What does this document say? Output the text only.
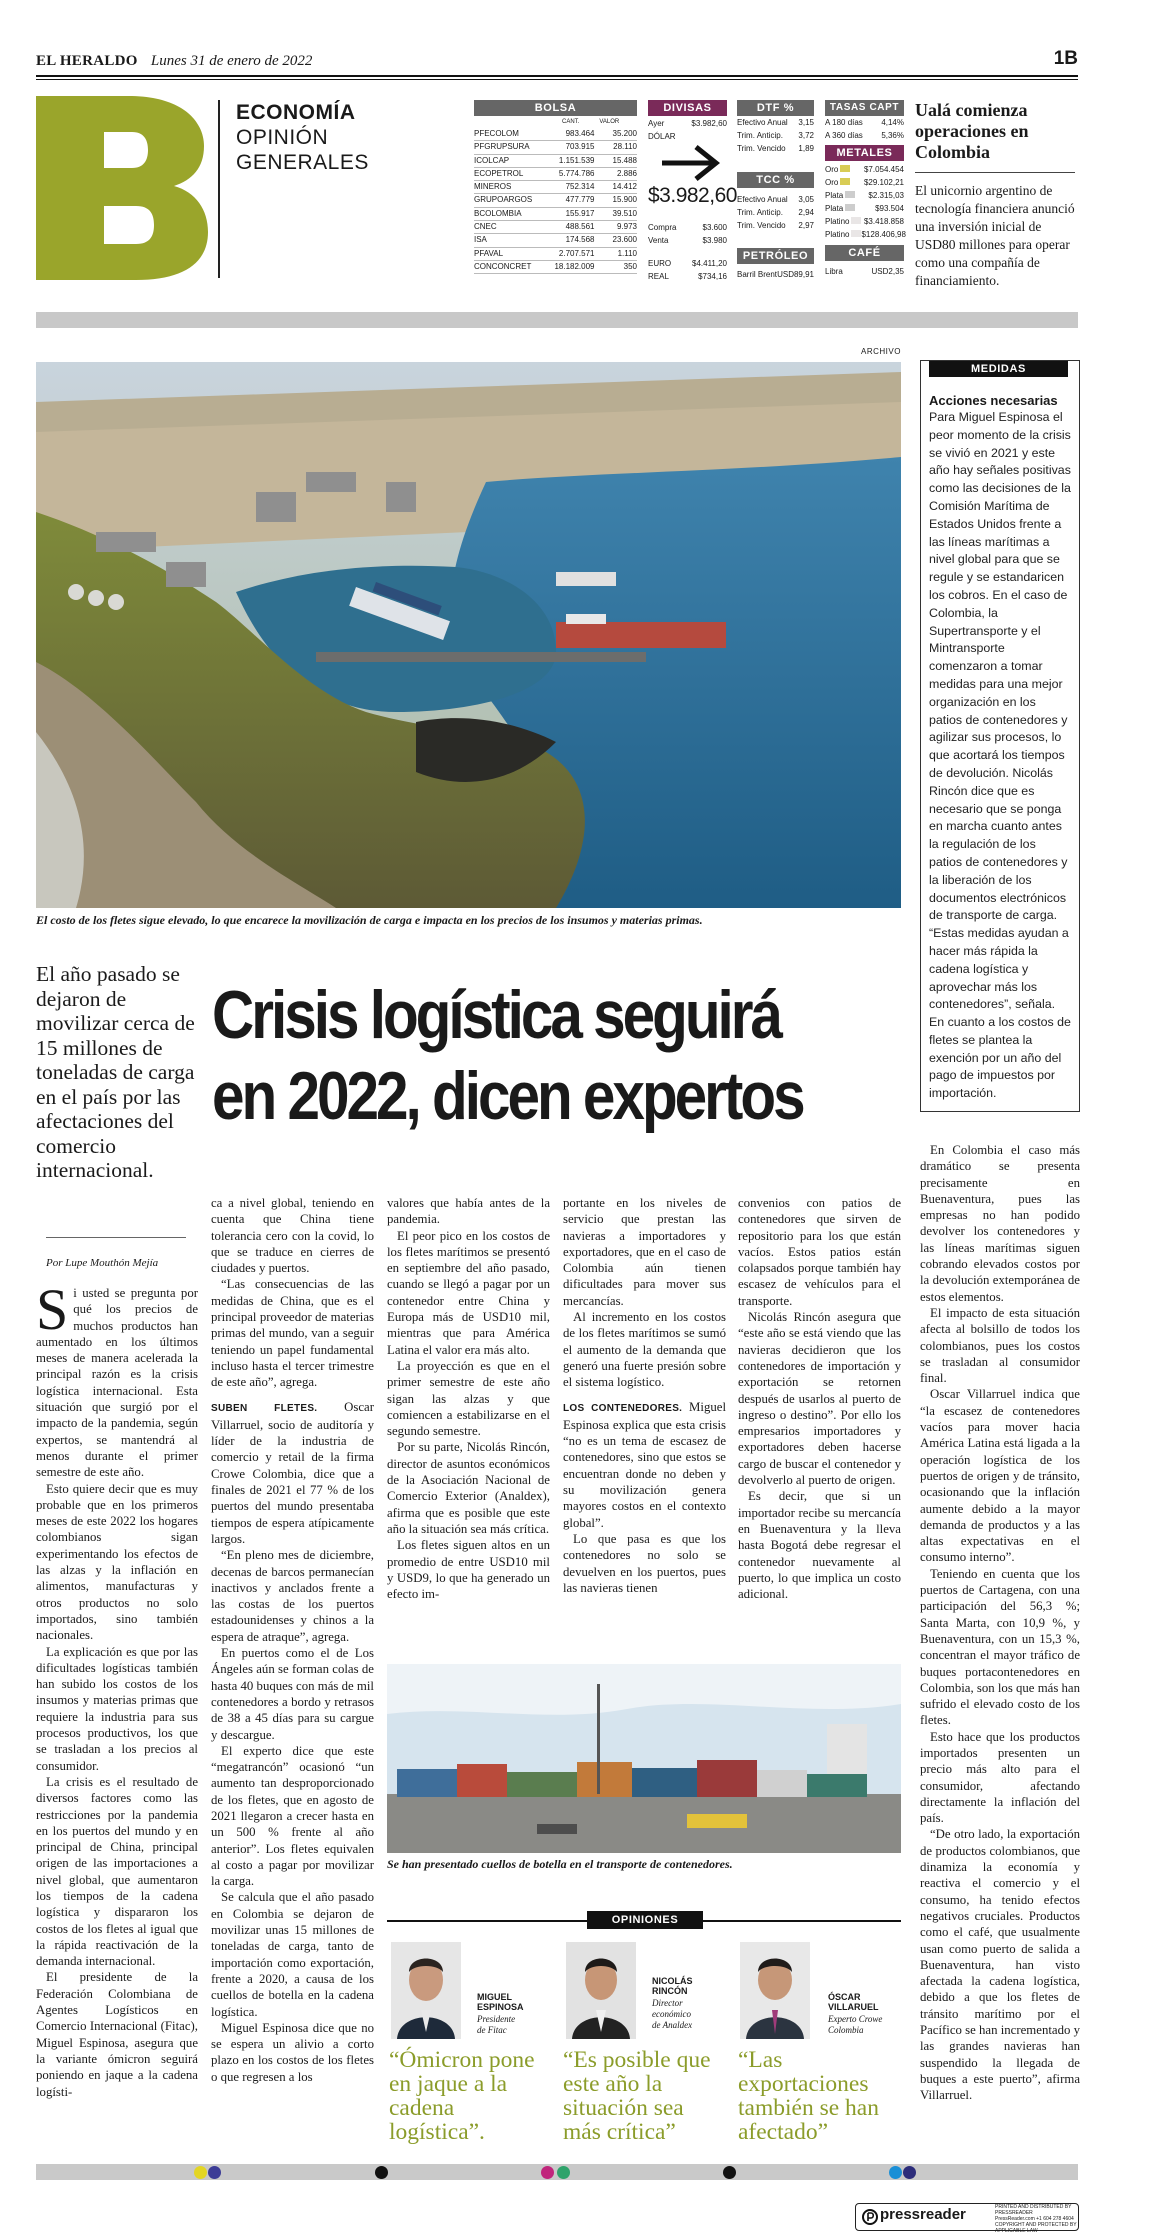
EL HERALDO Lunes 31 de enero de 2022	1B
ECONOMÍA
OPINIÓN
GENERALES
BOLSA
CANT.	VALOR
PFECOLOM	983.464	35.200
PFGRUPSURA	703.915	28.110
ICOLCAP	1.151.539	15.488
ECOPETROL	5.774.786	2.886
MINEROS	752.314	14.412
GRUPOARGOS	477.779	15.900
BCOLOMBIA	155.917	39.510
CNEC	488.561	9.973
ISA	174.568	23.600
PFAVAL	2.707.571	1.110
CONCONCRET	18.182.009	350
DIVISAS
Ayer	$3.982,60
DÓLAR
$3.982,60
Compra	$3.600
Venta	$3.980
EURO	$4.411,20
REAL	$734,16
DTF %
Efectivo Anual 3,15
Trim. Anticip. 3,72
Trim. Vencido 1,89
TCC %
Efectivo Anual 3,05
Trim. Anticip. 2,94
Trim. Vencido 2,97
PETRÓLEO
Barril Brent USD89,91
TASAS CAPT
A 180 días 4,14%
A 360 días 5,36%
METALES
Oro	$7.054.454
Oro	$29.102,21
Plata	$2.315,03
Plata	$93.504
Platino	$3.418.858
Platino	$128.406,98
CAFÉ
Libra	USD2,35
Ualá comienza operaciones en Colombia
El unicornio argentino de tecnología financiera anunció una inversión inicial de USD80 millones para operar como una compañía de financiamiento.
ARCHIVO
El costo de los fletes sigue elevado, lo que encarece la movilización de carga e impacta en los precios de los insumos y materias primas.
MEDIDAS
Acciones necesarias
Para Miguel Espinosa el peor momento de la crisis se vivió en 2021 y este año hay señales positivas como las decisiones de la Comisión Marítima de Estados Unidos frente a las líneas marítimas a nivel global para que se regule y se estandaricen los cobros. En el caso de Colombia, la Supertransporte y el Mintransporte comenzaron a tomar medidas para una mejor organización en los patios de contenedores y agilizar sus procesos, lo que acortará los tiempos de devolución. Nicolás Rincón dice que es necesario que se ponga en marcha cuanto antes la regulación de los patios de contenedores y la liberación de los documentos electrónicos de transporte de carga. “Estas medidas ayudan a hacer más rápida la cadena logística y aprovechar más los contenedores”, señala. En cuanto a los costos de fletes se plantea la exención por un año del pago de impuestos por importación.
Crisis logística seguirá
en 2022, dicen expertos
El año pasado se dejaron de movilizar cerca de 15 millones de toneladas de carga en el país por las afectaciones del comercio internacional.
Por Lupe Mouthón Mejía

Si usted se pregunta por qué los precios de muchos productos han aumentado en los últimos meses de manera acelerada la principal razón es la crisis logística internacional. Esta situación que surgió por el impacto de la pandemia, según expertos, se mantendrá al menos durante el primer semestre de este año.

Esto quiere decir que es muy probable que en los primeros meses de este 2022 los hogares colombianos sigan experimentando los efectos de las alzas y la inflación en alimentos, manufacturas y otros productos no solo importados, sino también nacionales.

La explicación es que por las dificultades logísticas también han subido los costos de los insumos y materias primas que requiere la industria para sus procesos productivos, los que se trasladan a los precios al consumidor.

La crisis es el resultado de diversos factores como las restricciones por la pandemia en los puertos del mundo y en principal de China, principal origen de las importaciones a nivel global, que aumentaron los tiempos de la cadena logística y dispararon los costos de los fletes al igual que la rápida reactivación de la demanda internacional.

El presidente de la Federación Colombiana de Agentes Logísticos en Comercio Internacional (Fitac), Miguel Espinosa, asegura que la variante ómicron seguirá poniendo en jaque a la cadena logísti-

ca a nivel global, teniendo en cuenta que China tiene tolerancia cero con la covid, lo que se traduce en cierres de ciudades y puertos.

“Las consecuencias de las medidas de China, que es el principal proveedor de materias primas del mundo, van a seguir teniendo un papel fundamental incluso hasta el tercer trimestre de este año”, agrega.

SUBEN FLETES. Oscar Villarruel, socio de auditoría y líder de la industria de comercio y retail de la firma Crowe Colombia, dice que a finales de 2021 el 77 % de los puertos del mundo presentaba tiempos de espera atípicamente largos.

“En pleno mes de diciembre, decenas de barcos permanecían inactivos y anclados frente a las costas de los puertos estadounidenses y chinos a la espera de atraque”, agrega.

En puertos como el de Los Ángeles aún se forman colas de hasta 40 buques con más de mil contenedores a bordo y retrasos de 38 a 45 días para su cargue y descargue.

El experto dice que este “megatrancón” ocasionó “un aumento tan desproporcionado de los fletes, que en agosto de 2021 llegaron a crecer hasta en un 500 % frente al año anterior”. Los fletes equivalen al costo a pagar por movilizar la carga.

Se calcula que el año pasado en Colombia se dejaron de movilizar unas 15 millones de toneladas de carga, tanto de importación como exportación, frente a 2020, a causa de los cuellos de botella en la cadena logística.

Miguel Espinosa dice que no se espera un alivio a corto plazo en los costos de los fletes o que regresen a los

valores que había antes de la pandemia.

El peor pico en los costos de los fletes marítimos se presentó en septiembre del año pasado, cuando se llegó a pagar por un contenedor entre China y Europa más de USD10 mil, mientras que para América Latina el valor era más alto.

La proyección es que en el primer semestre de este año sigan las alzas y que comiencen a estabilizarse en el segundo semestre.

Por su parte, Nicolás Rincón, director de asuntos económicos de la Asociación Nacional de Comercio Exterior (Analdex), afirma que es posible que este año la situación sea más crítica.

Los fletes siguen altos en un promedio de entre USD10 mil y USD9, lo que ha generado un efecto im-

portante en los niveles de servicio que prestan las navieras a importadores y exportadores, que en el caso de Colombia aún tienen dificultades para mover sus mercancías.

Al incremento en los costos de los fletes marítimos se sumó el aumento de la demanda que generó una fuerte presión sobre el sistema logístico.

LOS CONTENEDORES. Miguel Espinosa explica que esta crisis “no es un tema de escasez de contenedores, sino que estos se encuentran donde no deben y su movilización genera mayores costos en el contexto global”.

Lo que pasa es que los contenedores no solo se devuelven en los puertos, pues las navieras tienen

convenios con patios de contenedores que sirven de repositorio para los que están vacíos. Estos patios están colapsados porque también hay escasez de vehículos para el transporte.

Nicolás Rincón asegura que “este año se está viendo que las navieras decidieron que los contenedores de importación y exportación se retornen después de usarlos al puerto de ingreso o destino”. Por ello los empresarios importadores y exportadores deben hacerse cargo de buscar el contenedor y devolverlo al puerto de origen.

Es decir, que si un importador recibe su mercancía en Buenaventura y la lleva hasta Bogotá debe regresar el contenedor nuevamente al puerto, lo que implica un costo adicional.

En Colombia el caso más dramático se presenta precisamente en Buenaventura, pues las empresas no han podido devolver los contenedores y las líneas marítimas siguen cobrando elevados costos por la devolución extemporánea de estos elementos.

El impacto de esta situación afecta al bolsillo de todos los colombianos, pues los costos se trasladan al consumidor final.

Oscar Villarruel indica que “la escasez de contenedores vacíos para mover hacia América Latina está ligada a la operación logística de los puertos de origen y de tránsito, ocasionando que la inflación aumente debido a la mayor demanda de productos y a las altas expectativas en el consumo interno”.

Teniendo en cuenta que los puertos de Cartagena, con una participación del 56,3 %; Santa Marta, con 10,9 %, y Buenaventura, con un 15,3 %, concentran el mayor tráfico de buques portacontenedores en Colombia, son los que más han sufrido el elevado costo de los fletes.

Esto hace que los productos importados presenten un precio más alto para el consumidor, afectando directamente la inflación del país.

“De otro lado, la exportación de productos colombianos, que dinamiza la economía y reactiva el comercio y el consumo, ha tenido efectos negativos cruciales. Productos como el café, que usualmente usan como puerto de salida a Buenaventura, han visto afectada la cadena logística, debido a que los fletes de tránsito marítimo por el Pacífico se han incrementado y las grandes navieras han suspendido la llegada de buques a este puerto”, afirma Villarruel.

Se han presentado cuellos de botella en el transporte de contenedores.
OPINIONES
MIGUEL
ESPINOSA
Presidente
de Fitac
“Ómicron pone en jaque a la cadena logística”.
NICOLÁS
RINCÓN
Director
económico
de Analdex
“Es posible que este año la situación sea más crítica”
ÓSCAR
VILLARUEL
Experto Crowe
Colombia
“Las exportaciones también se han afectado”
pressreader	PRINTED AND DISTRIBUTED BY PRESSREADER
PressReader.com +1 604 278 4604
COPYRIGHT AND PROTECTED BY APPLICABLE LAW
